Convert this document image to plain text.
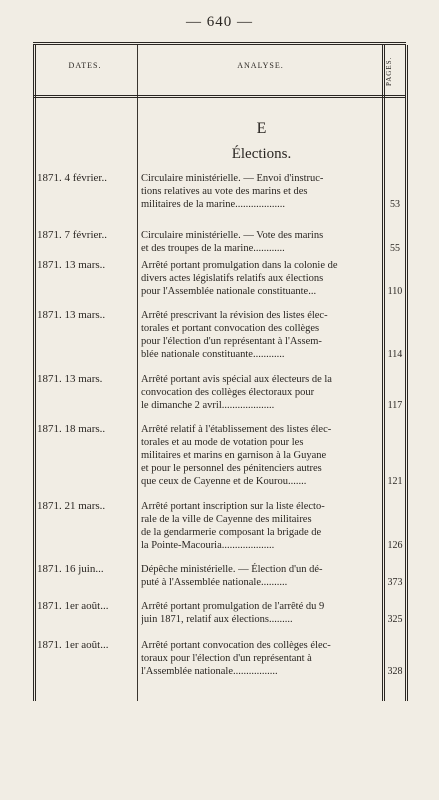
— 640 —
DATES.	ANALYSE.	PAGES.
E
Élections.
1871. 4 février..	Circulaire ministérielle. — Envoi d'instruc-
tions relatives au vote des marins et des
militaires de la marine...................	53
1871. 7 février..	Circulaire ministérielle. — Vote des marins
et des troupes de la marine............	55
1871. 13 mars..	Arrêté portant promulgation dans la colonie de
divers actes législatifs relatifs aux élections
pour l'Assemblée nationale constituante...	110
1871. 13 mars..	Arrêté prescrivant la révision des listes élec-
torales et portant convocation des collèges
pour l'élection d'un représentant à l'Assem-
blée nationale constituante............	114
1871. 13 mars.	Arrêté portant avis spécial aux électeurs de la
convocation des collèges électoraux pour
le dimanche 2 avril....................	117
1871. 18 mars..	Arrêté relatif à l'établissement des listes élec-
torales et au mode de votation pour les
militaires et marins en garnison à la Guyane
et pour le personnel des pénitenciers autres
que ceux de Cayenne et de Kourou.......	121
1871. 21 mars..	Arrêté portant inscription sur la liste électo-
rale de la ville de Cayenne des militaires
de la gendarmerie composant la brigade de
la Pointe-Macouria....................	126
1871. 16 juin...	Dépêche ministérielle. — Élection d'un dé-
puté à l'Assemblée nationale..........	373
1871. 1er août...	Arrêté portant promulgation de l'arrêté du 9
juin 1871, relatif aux élections.........	325
1871. 1er août...	Arrêté portant convocation des collèges élec-
toraux pour l'élection d'un représentant à
l'Assemblée nationale.................	328
